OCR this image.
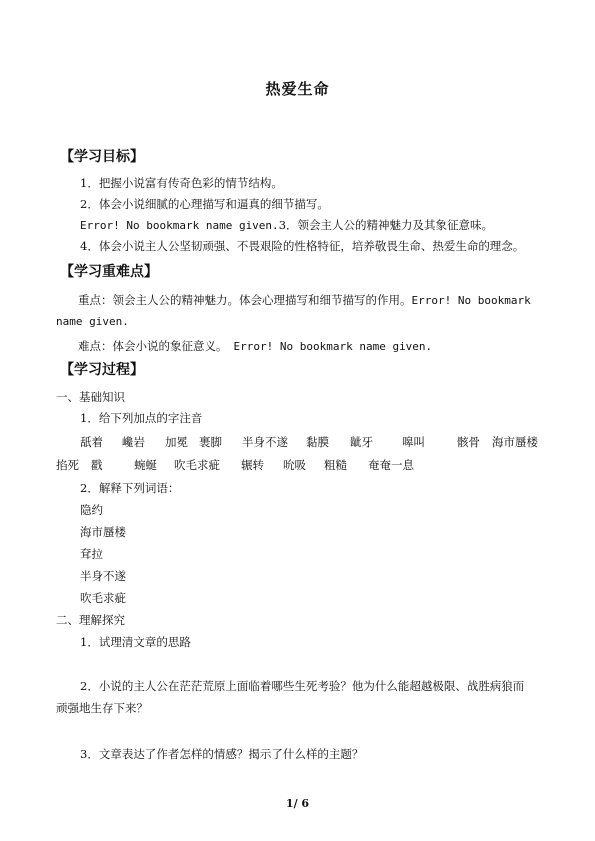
热爱生命
【学习目标】
1．把握小说富有传奇色彩的情节结构。
2．体会小说细腻的心理描写和逼真的细节描写。
Error! No bookmark name given.3．领会主人公的精神魅力及其象征意味。
4．体会小说主人公坚韧顽强、不畏艰险的性格特征，培养敬畏生命、热爱生命的理念。
【学习重难点】
重点：领会主人公的精神魅力。体会心理描写和细节描写的作用。Error! No bookmark
name given.
难点：体会小说的象征意义。 Error! No bookmark name given.
【学习过程】
一、基础知识
1．给下列加点的字注音
舐着 巉岩 加冕 裹脚 半身不遂 黏膜 龇牙	嗥叫	骸骨 海市蜃楼
掐死 戳	蜿蜒 吹毛求疵 辗转 吮吸 粗糙 奄奄一息
2．解释下列词语：
隐约
海市蜃楼
耷拉
半身不遂
吹毛求疵
二、理解探究
1．试理清文章的思路
2．小说的主人公在茫茫荒原上面临着哪些生死考验？他为什么能超越极限、战胜病狼而
顽强地生存下来？
3．文章表达了作者怎样的情感？揭示了什么样的主题？
1/ 6
